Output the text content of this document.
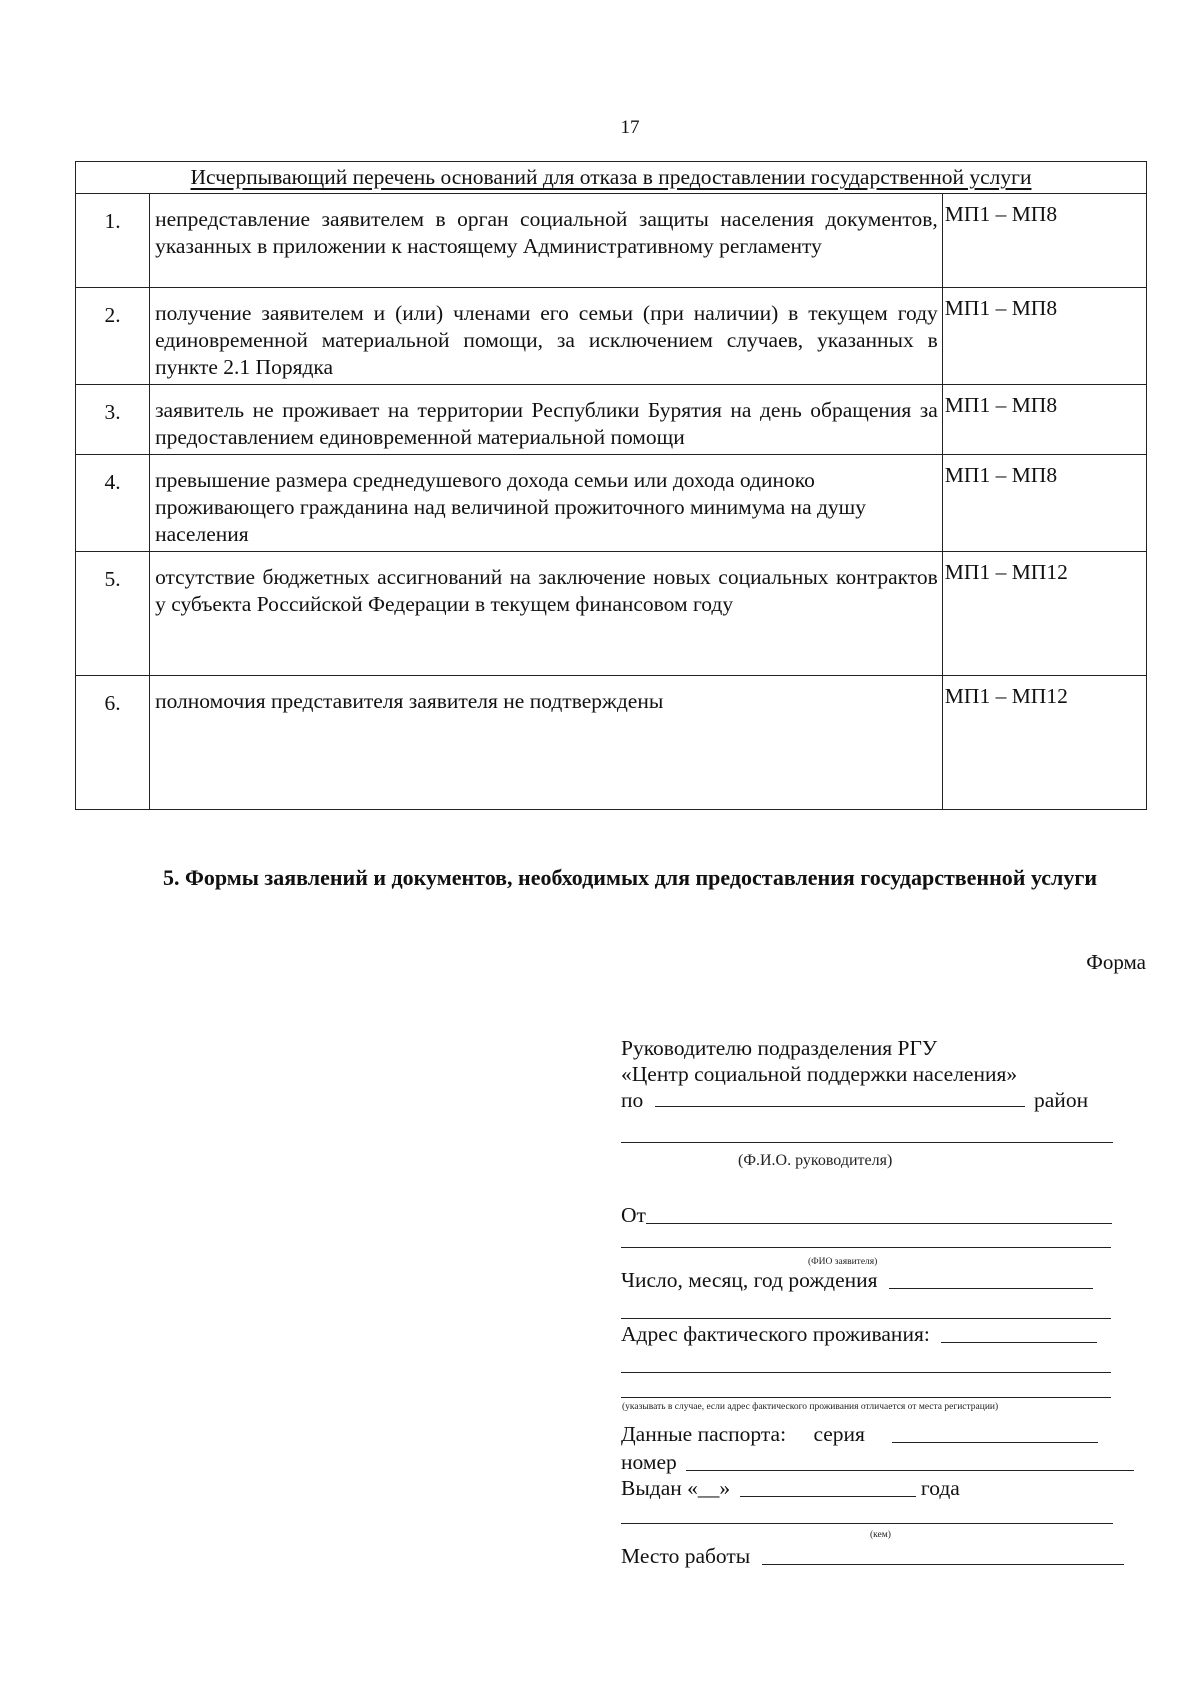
17
Исчерпывающий перечень оснований для отказа в предоставлении государственной услуги		
1.	непредставление заявителем в орган социальной защиты населения документов, указанных в приложении к настоящему Административному регламенту	МП1 – МП8
2.	получение заявителем и (или) членами его семьи (при наличии) в текущем году единовременной материальной помощи, за исключением случаев, указанных в пункте 2.1 Порядка	МП1 – МП8
3.	заявитель не проживает на территории Республики Бурятия на день обращения за предоставлением единовременной материальной помощи	МП1 – МП8
4.	превышение размера среднедушевого дохода семьи или дохода одиноко проживающего гражданина над величиной прожиточного минимума на душу населения	МП1 – МП8
5.	отсутствие бюджетных ассигнований на заключение новых социальных контрактов у субъекта Российской Федерации в текущем финансовом году	МП1 – МП12
6.	полномочия представителя заявителя не подтверждены	МП1 – МП12
5. Формы заявлений и документов, необходимых для предоставления государственной услуги
Форма
Руководителю подразделения РГУ
«Центр социальной поддержки населения»
по	район
(Ф.И.О. руководителя)
От
(ФИО заявителя)
Число, месяц, год рождения
Адрес фактического проживания:
(указывать в случае, если адрес фактического проживания отличается от места регистрации)
Данные паспорта: серия
номер
Выдан «__»	года
(кем)
Место работы
